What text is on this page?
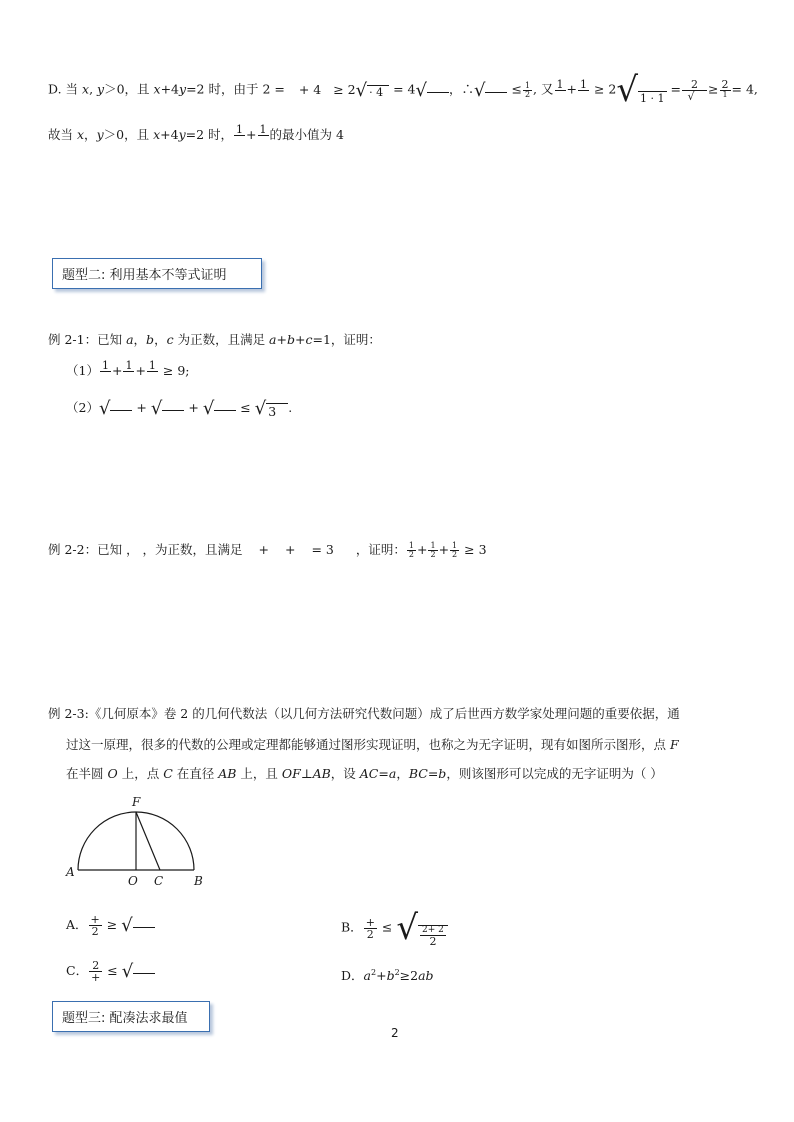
D. 当 x, y＞0，且 x+4y=2 时，由于 2 = + 4 ≥ 2√ · 4 = 4√ ，∴√ ≤ $\frac{1}{2}$ , 又 1 + 1 ≥ 2√ $1 \cdot 1 = \frac{2}{√} \ge \frac{2}{1} = 4$,
故当 x，y＞0，且 x+4y=2 时， 1 + 1 的最小值为 4
题型二: 利用基本不等式证明
例 2-1：已知 a，b，c 为正数，且满足 a+b+c=1，证明：
（1） 1 + 1 + 1 ≥ 9;
（2）√ + √ + √ ≤ √ 3 .
例 2-2：已知 ， ，为正数，且满足 + + = 3 ，证明： $\frac{1}{2} + \frac{1}{2} + \frac{1}{2} \ge 3$
例 2-3:《几何原本》卷 2 的几何代数法（以几何方法研究代数问题）成了后世西方数学家处理问题的重要依据，通
过这一原理，很多的代数的公理或定理都能够通过图形实现证明，也称之为无字证明，现有如图所示图形，点 F
在半圆 O 上，点 C 在直径 AB 上，且 OF⊥AB，设 AC=a，BC=b，则该图形可以完成的无字证明为（ ）
F
A
O C	B
A． $\frac{+}{2}$ ≥ √	B． $\frac{+}{2}$ ≤ √ $\frac{2+ 2}{2}$
C． $\frac{2}{+}$ ≤ √	D．$a^2+b^2\ge 2ab$
题型三: 配凑法求最值
2
